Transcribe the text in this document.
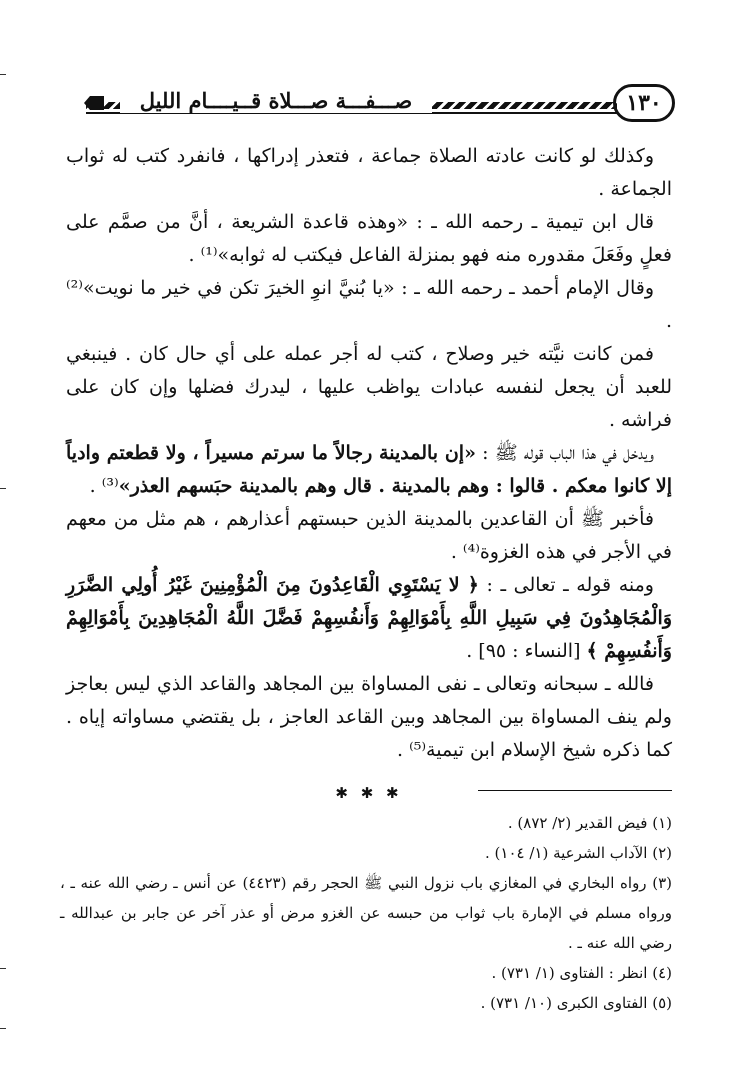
صـــفـــة صـــلاة قــيــــام الليل	١٣٠

وكذلك لو كانت عادته الصلاة جماعة ، فتعذر إدراكها ، فانفرد كتب له ثواب الجماعة .

قال ابن تيمية ـ رحمه الله ـ : «وهذه قاعدة الشريعة ، أنَّ من صمَّم على فعلٍ وفَعَلَ مقدوره منه فهو بمنزلة الفاعل فيكتب له ثوابه»⁽¹⁾ .

وقال الإمام أحمد ـ رحمه الله ـ : «يا بُنيَّ انوِ الخيرَ تكن في خير ما نويت»⁽²⁾ .

فمن كانت نيَّته خير وصلاح ، كتب له أجر عمله على أي حال كان . فينبغي للعبد أن يجعل لنفسه عبادات يواظب عليها ، ليدرك فضلها وإن كان على فراشه .

ويدخل في هذا الباب قوله ﷺ : «إن بالمدينة رجالاً ما سرتم مسيراً ، ولا قطعتم وادياً إلا كانوا معكم . قالوا : وهم بالمدينة . قال وهم بالمدينة حبَسهم العذر»⁽³⁾ .

فأخبر ﷺ أن القاعدين بالمدينة الذين حبستهم أعذارهم ، هم مثل من معهم في الأجر في هذه الغزوة⁽⁴⁾ .

ومنه قوله ـ تعالى ـ : ﴿ لا يَسْتَوِي الْقَاعِدُونَ مِنَ الْمُؤْمِنِينَ غَيْرُ أُولِي الضَّرَرِ وَالْمُجَاهِدُونَ فِي سَبِيلِ اللَّهِ بِأَمْوَالِهِمْ وَأَنفُسِهِمْ فَضَّلَ اللَّهُ الْمُجَاهِدِينَ بِأَمْوَالِهِمْ وَأَنفُسِهِمْ ﴾ [النساء : ٩٥] .

فالله ـ سبحانه وتعالى ـ نفى المساواة بين المجاهد والقاعد الذي ليس بعاجز ولم ينف المساواة بين المجاهد وبين القاعد العاجز ، بل يقتضي مساواته إياه . كما ذكره شيخ الإسلام ابن تيمية⁽⁵⁾ .

✱ ✱ ✱
(١) فيض القدير (٢/ ٨٧٢) .
(٢) الآداب الشرعية (١/ ١٠٤) .
(٣) رواه البخاري في المغازي باب نزول النبي ﷺ الحجر رقم (٤٤٢٣) عن أنس ـ رضي الله عنه ـ ، ورواه مسلم في الإمارة باب ثواب من حبسه عن الغزو مرض أو عذر آخر عن جابر بن عبدالله ـ رضي الله عنه ـ .
(٤) انظر : الفتاوى (١/ ٧٣١) .
(٥) الفتاوى الكبرى (١٠/ ٧٣١) .
